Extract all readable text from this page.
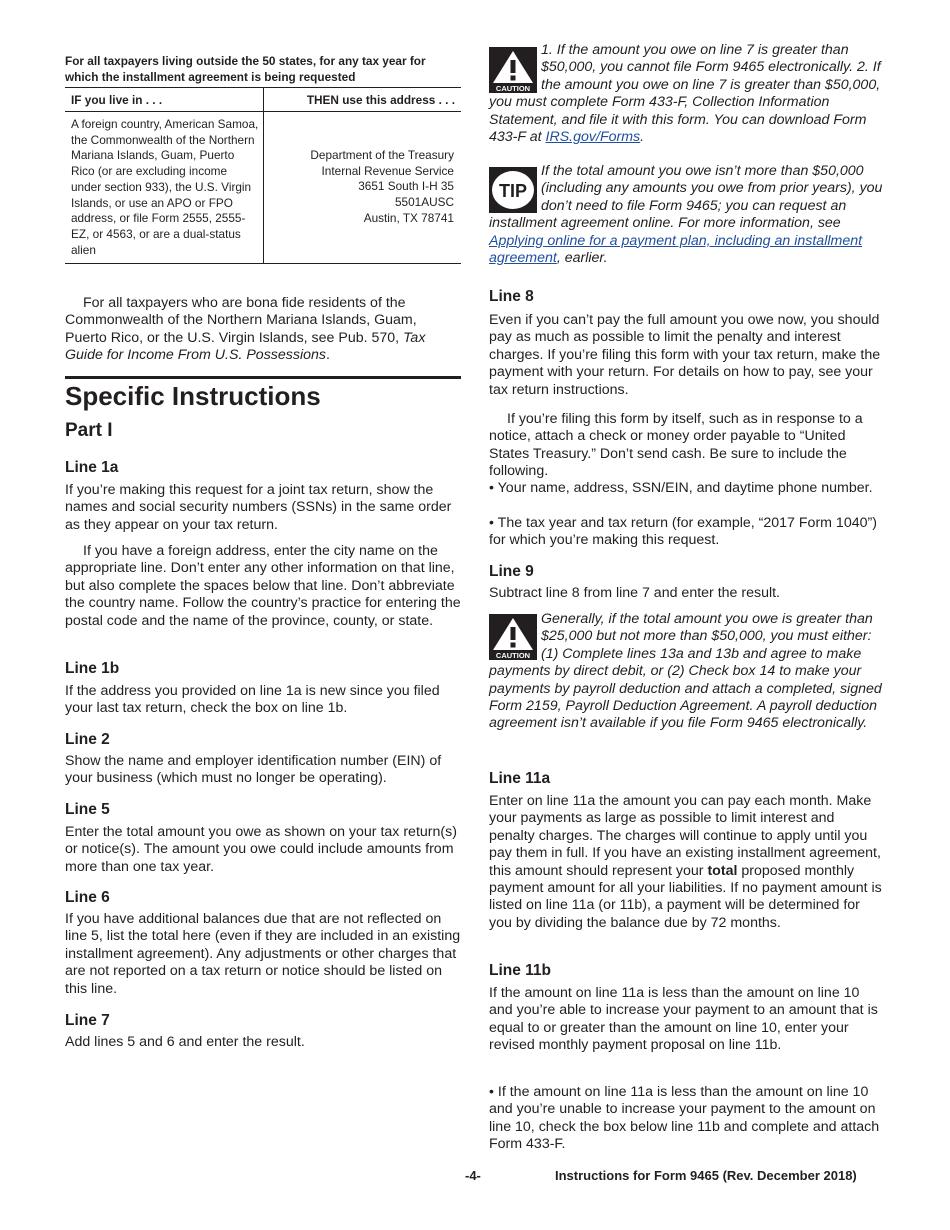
For all taxpayers living outside the 50 states, for any tax year for which the installment agreement is being requested
IF you live in . . .	THEN use this address . . .
A foreign country, American Samoa, the Commonwealth of the Northern Mariana Islands, Guam, Puerto Rico (or are excluding income under section 933), the U.S. Virgin Islands, or use an APO or FPO address, or file Form 2555, 2555-EZ, or 4563, or are a dual-status alien
Department of the Treasury
Internal Revenue Service
3651 South I-H 35
5501AUSC
Austin, TX 78741

For all taxpayers who are bona fide residents of the Commonwealth of the Northern Mariana Islands, Guam, Puerto Rico, or the U.S. Virgin Islands, see Pub. 570, Tax Guide for Income From U.S. Possessions.

Specific Instructions
Part I
Line 1a

If you’re making this request for a joint tax return, show the names and social security numbers (SSNs) in the same order as they appear on your tax return.

If you have a foreign address, enter the city name on the appropriate line. Don’t enter any other information on that line, but also complete the spaces below that line. Don’t abbreviate the country name. Follow the country’s practice for entering the postal code and the name of the province, county, or state.

Line 1b

If the address you provided on line 1a is new since you filed your last tax return, check the box on line 1b.

Line 2

Show the name and employer identification number (EIN) of your business (which must no longer be operating).

Line 5

Enter the total amount you owe as shown on your tax return(s) or notice(s). The amount you owe could include amounts from more than one tax year.

Line 6

If you have additional balances due that are not reflected on line 5, list the total here (even if they are included in an existing installment agreement). Any adjustments or other charges that are not reported on a tax return or notice should be listed on this line.

Line 7

Add lines 5 and 6 and enter the result.

CAUTION

1. If the amount you owe on line 7 is greater than $50,000, you cannot file Form 9465 electronically. 2. If the amount you owe on line 7 is greater than $50,000, you must complete Form 433-F, Collection Information Statement, and file it with this form. You can download Form 433-F at IRS.gov/Forms.

TIP

If the total amount you owe isn’t more than $50,000 (including any amounts you owe from prior years), you don’t need to file Form 9465; you can request an installment agreement online. For more information, see Applying online for a payment plan, including an installment agreement, earlier.

Line 8

Even if you can’t pay the full amount you owe now, you should pay as much as possible to limit the penalty and interest charges. If you’re filing this form with your tax return, make the payment with your return. For details on how to pay, see your tax return instructions.

If you’re filing this form by itself, such as in response to a notice, attach a check or money order payable to “United States Treasury.” Don’t send cash. Be sure to include the following.

• Your name, address, SSN/EIN, and daytime phone number.

• The tax year and tax return (for example, “2017 Form 1040”) for which you’re making this request.

Line 9

Subtract line 8 from line 7 and enter the result.

CAUTION

Generally, if the total amount you owe is greater than $25,000 but not more than $50,000, you must either: (1) Complete lines 13a and 13b and agree to make payments by direct debit, or (2) Check box 14 to make your payments by payroll deduction and attach a completed, signed Form 2159, Payroll Deduction Agreement. A payroll deduction agreement isn’t available if you file Form 9465 electronically.

Line 11a

Enter on line 11a the amount you can pay each month. Make your payments as large as possible to limit interest and penalty charges. The charges will continue to apply until you pay them in full. If you have an existing installment agreement, this amount should represent your total proposed monthly payment amount for all your liabilities. If no payment amount is listed on line 11a (or 11b), a payment will be determined for you by dividing the balance due by 72 months.

Line 11b

If the amount on line 11a is less than the amount on line 10 and you’re able to increase your payment to an amount that is equal to or greater than the amount on line 10, enter your revised monthly payment proposal on line 11b.

• If the amount on line 11a is less than the amount on line 10 and you’re unable to increase your payment to the amount on line 10, check the box below line 11b and complete and attach Form 433-F.

-4-	Instructions for Form 9465 (Rev. December 2018)
